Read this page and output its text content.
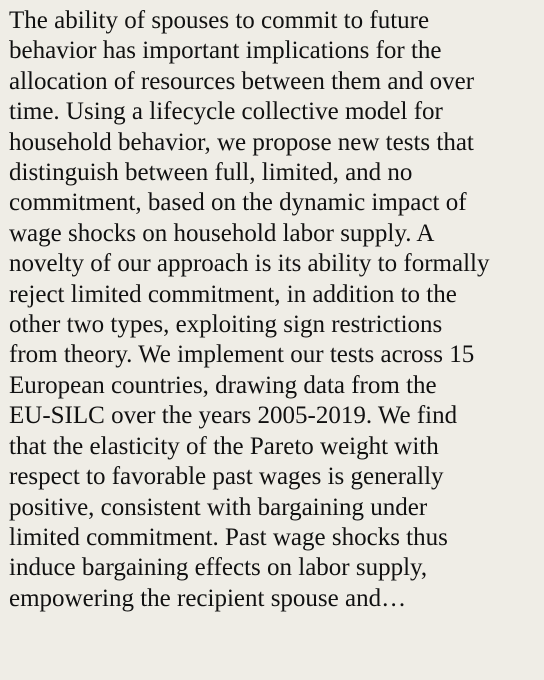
The ability of spouses to commit to future
behavior has important implications for the
allocation of resources between them and over
time. Using a lifecycle collective model for
household behavior, we propose new tests that
distinguish between full, limited, and no
commitment, based on the dynamic impact of
wage shocks on household labor supply. A
novelty of our approach is its ability to formally
reject limited commitment, in addition to the
other two types, exploiting sign restrictions
from theory. We implement our tests across 15
European countries, drawing data from the
EU-SILC over the years 2005-2019. We find
that the elasticity of the Pareto weight with
respect to favorable past wages is generally
positive, consistent with bargaining under
limited commitment. Past wage shocks thus
induce bargaining effects on labor supply,
empowering the recipient spouse and…
